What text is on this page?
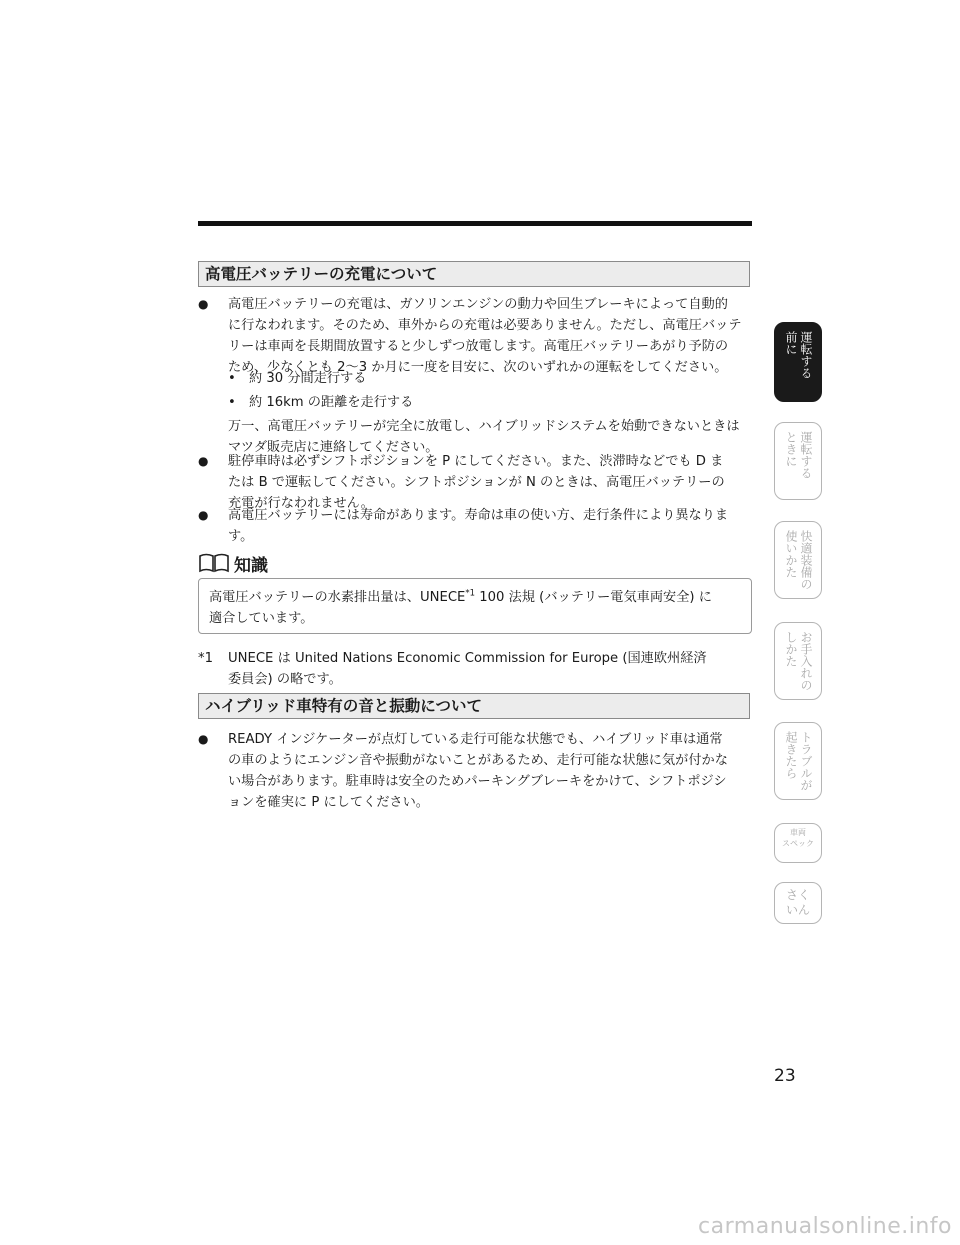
高電圧バッテリーの充電について
● 高電圧バッテリーの充電は、ガソリンエンジンの動力や回生ブレーキによって自動的
に行なわれます。そのため、車外からの充電は必要ありません。ただし、高電圧バッテ
リーは車両を長期間放置すると少しずつ放電します。高電圧バッテリーあがり予防の
ため、少なくとも 2〜3 か月に一度を目安に、次のいずれかの運転をしてください。
•　約 30 分間走行する
•　約 16km の距離を走行する
万一、高電圧バッテリーが完全に放電し、ハイブリッドシステムを始動できないときは
マツダ販売店に連絡してください。
● 駐停車時は必ずシフトポジションを P にしてください。また、渋滞時などでも D ま
たは B で運転してください。シフトポジションが N のときは、高電圧バッテリーの
充電が行なわれません。
● 高電圧バッテリーには寿命があります。寿命は車の使い方、走行条件により異なりま
す。
知識
高電圧バッテリーの水素排出量は、UNECE$^{*1}$ 100 法規 (バッテリー電気車両安全) に
適合しています。
*1 UNECE は United Nations Economic Commission for Europe (国連欧州経済
委員会) の略です。
ハイブリッド車特有の音と振動について
● READY インジケーターが点灯している走行可能な状態でも、ハイブリッド車は通常
の車のようにエンジン音や振動がないことがあるため、走行可能な状態に気が付かな
い場合があります。駐車時は安全のためパーキングブレーキをかけて、シフトポジシ
ョンを確実に P にしてください。
運転する
前に
運転する
ときに
快適装備の
使いかた
お手入れの
しかた
トラブルが
起きたら
車両
スペック
さく
いん
23
carmanualsonline.info
